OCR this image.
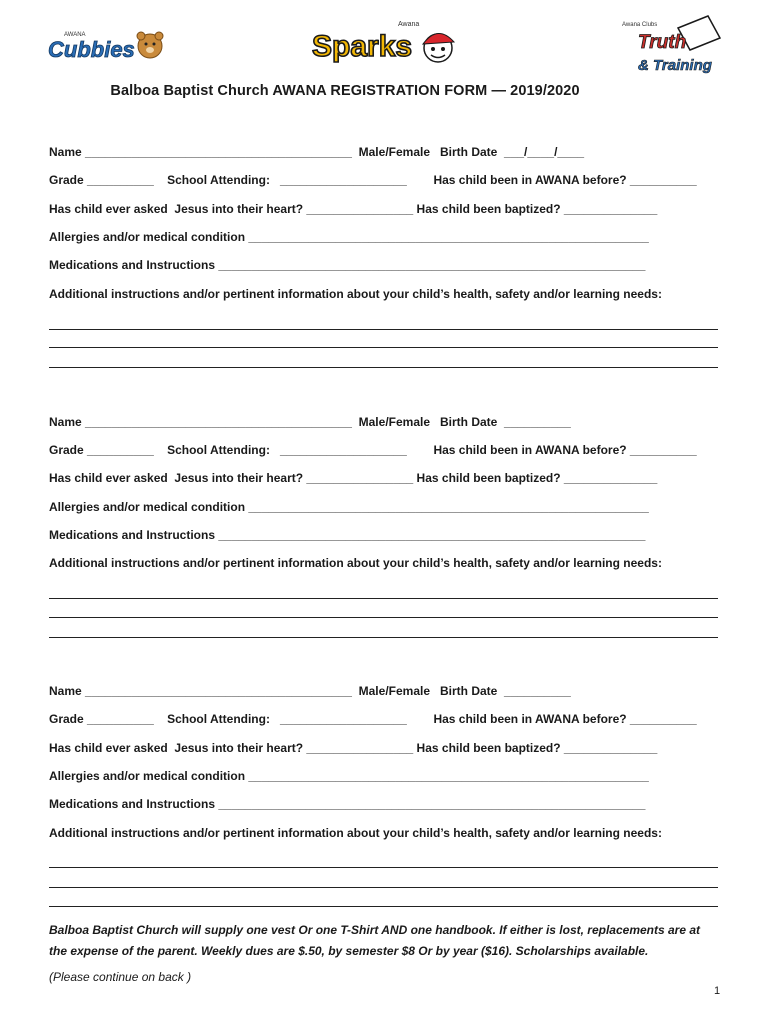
AWANA
Cubbies
Awana
Sparks
Awana Clubs
Truth
& Training
Balboa Baptist Church AWANA REGISTRATION FORM — 2019/2020
Name ________________________________________  Male/Female   Birth Date  ___/____/____
Grade __________    School Attending:   ___________________        Has child been in AWANA before? __________
Has child ever asked  Jesus into their heart? ________________ Has child been baptized? ______________
Allergies and/or medical condition ____________________________________________________________
Medications and Instructions ________________________________________________________________
Additional instructions and/or pertinent information about your child’s health, safety and/or learning needs:
Name ________________________________________  Male/Female   Birth Date  __________
Grade __________    School Attending:   ___________________        Has child been in AWANA before? __________
Has child ever asked  Jesus into their heart? ________________ Has child been baptized? ______________
Allergies and/or medical condition ____________________________________________________________
Medications and Instructions ________________________________________________________________
Additional instructions and/or pertinent information about your child’s health, safety and/or learning needs:
Name ________________________________________  Male/Female   Birth Date  __________
Grade __________    School Attending:   ___________________        Has child been in AWANA before? __________
Has child ever asked  Jesus into their heart? ________________ Has child been baptized? ______________
Allergies and/or medical condition ____________________________________________________________
Medications and Instructions ________________________________________________________________
Additional instructions and/or pertinent information about your child’s health, safety and/or learning needs:
Balboa Baptist Church will supply one vest Or one T-Shirt AND one handbook. If either is lost, replacements are at
the expense of the parent. Weekly dues are $.50, by semester $8 Or by year ($16). Scholarships available.
(Please continue on back )
1
